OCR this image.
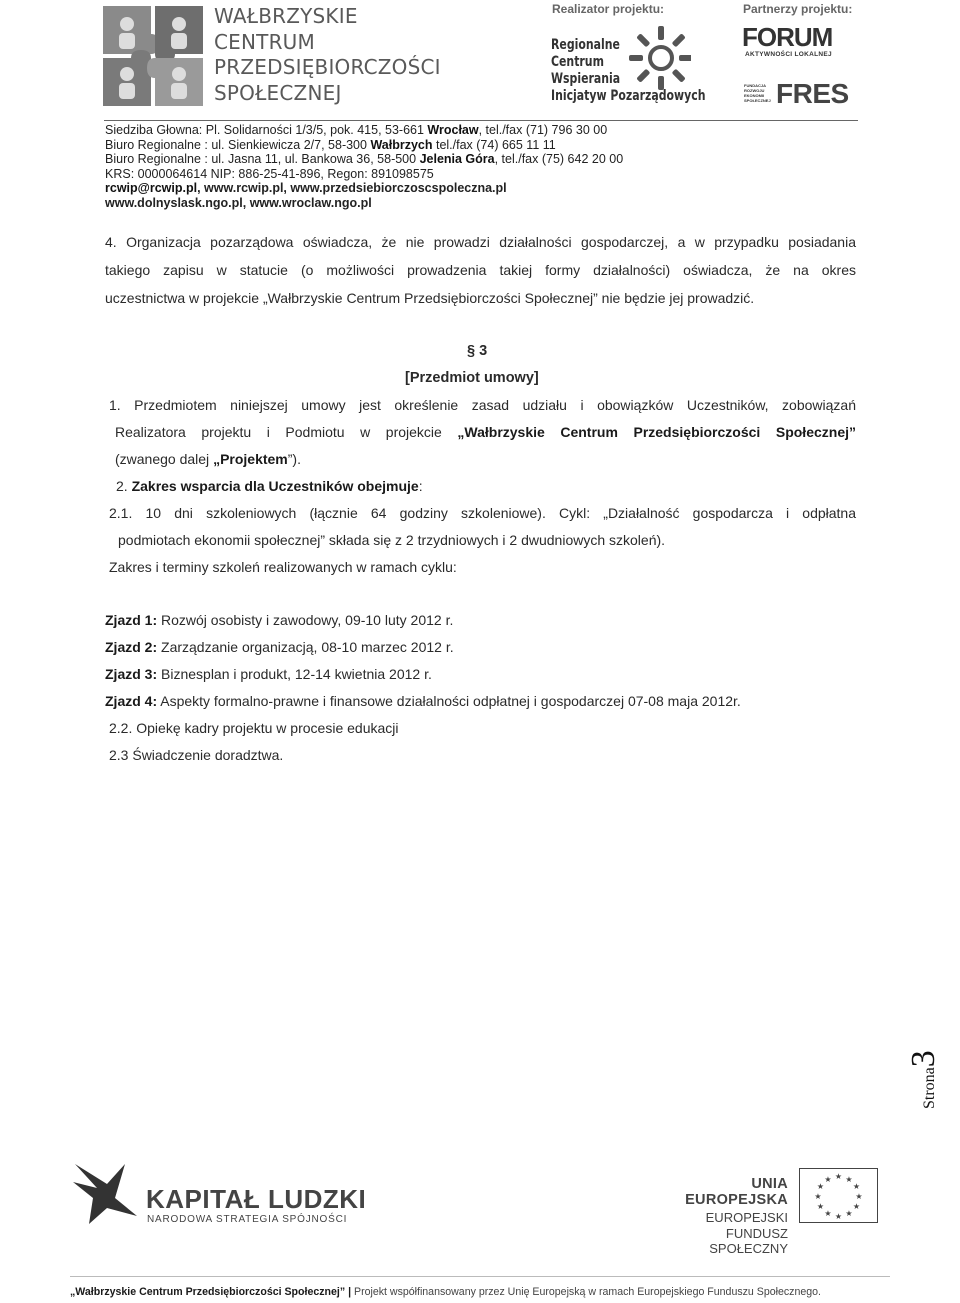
WAŁBRZYSKIE
CENTRUM
PRZEDSIĘBIORCZOŚCI
SPOŁECZNEJ
Realizator projektu:
Regionalne
Centrum
Wspierania
Inicjatyw Pozarządowych
Partnerzy projektu:
FORUM
AKTYWNOŚCI LOKALNEJ
FUNDACJA
ROZWOJU
EKONOMII
SPOŁECZNEJ FRES
Siedziba Głowna: Pl. Solidarności 1/3/5, pok. 415, 53-661 Wrocław, tel./fax (71) 796 30 00
Biuro Regionalne : ul. Sienkiewicza 2/7, 58-300 Wałbrzych tel./fax (74) 665 11 11
Biuro Regionalne : ul. Jasna 11, ul. Bankowa 36, 58-500 Jelenia Góra, tel./fax (75) 642 20 00
KRS: 0000064614 NIP: 886-25-41-896, Regon: 891098575
rcwip@rcwip.pl, www.rcwip.pl, www.przedsiebiorczoscspoleczna.pl
www.dolnyslask.ngo.pl, www.wroclaw.ngo.pl
4. Organizacja pozarządowa oświadcza, że nie prowadzi działalności gospodarczej, a w przypadku posiadania
takiego zapisu w statucie (o możliwości prowadzenia takiej formy działalności) oświadcza, że na okres
uczestnictwa w projekcie „Wałbrzyskie Centrum Przedsiębiorczości Społecznej” nie będzie jej prowadzić.
§ 3
[Przedmiot umowy]
1. Przedmiotem niniejszej umowy jest określenie zasad udziału i obowiązków Uczestników, zobowiązań
Realizatora projektu i Podmiotu w projekcie „Wałbrzyskie Centrum Przedsiębiorczości Społecznej”
(zwanego dalej „Projektem”).
2. Zakres wsparcia dla Uczestników obejmuje:
2.1. 10 dni szkoleniowych (łącznie 64 godziny szkoleniowe). Cykl: „Działalność gospodarcza i odpłatna
podmiotach ekonomii społecznej” składa się z 2 trzydniowych i 2 dwudniowych szkoleń).
Zakres i terminy szkoleń realizowanych w ramach cyklu:
Zjazd 1: Rozwój osobisty i zawodowy, 09-10 luty 2012 r.
Zjazd 2: Zarządzanie organizacją, 08-10 marzec 2012 r.
Zjazd 3: Biznesplan i produkt, 12-14 kwietnia 2012 r.
Zjazd 4: Aspekty formalno-prawne i finansowe działalności odpłatnej i gospodarczej 07-08 maja 2012r.
2.2. Opiekę kadry projektu w procesie edukacji
2.3 Świadczenie doradztwa.
Strona3
KAPITAŁ LUDZKI
NARODOWA STRATEGIA SPÓJNOŚCI
UNIA EUROPEJSKA
EUROPEJSKI
FUNDUSZ SPOŁECZNY
★ ★
★
★
★
★
★
★
★
★
★
★
„Wałbrzyskie Centrum Przedsiębiorczości Społecznej” | Projekt współfinansowany przez Unię Europejską w ramach Europejskiego Funduszu Społecznego.
